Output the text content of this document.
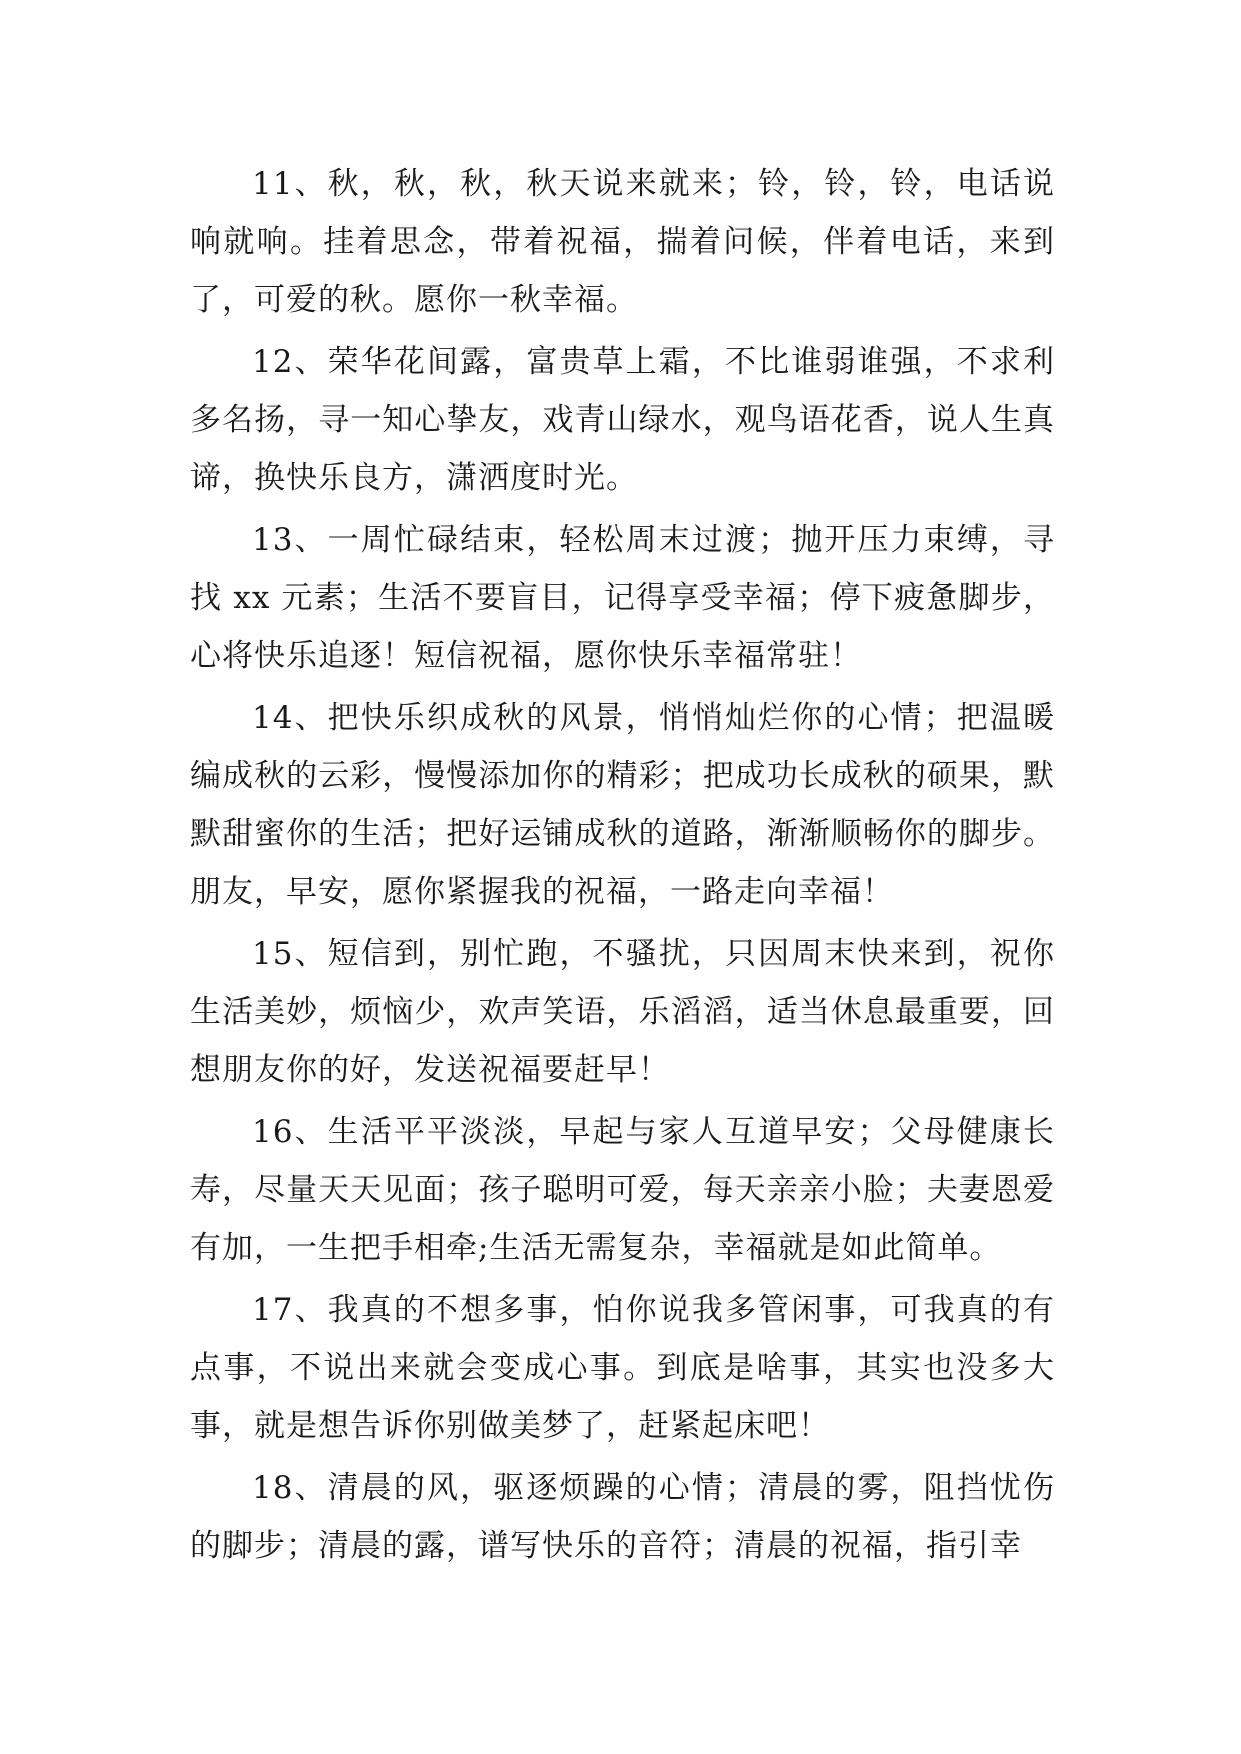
11、秋，秋，秋，秋天说来就来；铃，铃，铃，电话说响就响。挂着思念，带着祝福，揣着问候，伴着电话，来到了，可爱的秋。愿你一秋幸福。

12、荣华花间露，富贵草上霜，不比谁弱谁强，不求利多名扬，寻一知心挚友，戏青山绿水，观鸟语花香，说人生真谛，换快乐良方，潇洒度时光。

13、一周忙碌结束，轻松周末过渡；抛开压力束缚，寻找 xx 元素；生活不要盲目，记得享受幸福；停下疲惫脚步，心将快乐追逐！短信祝福，愿你快乐幸福常驻！

14、把快乐织成秋的风景，悄悄灿烂你的心情；把温暖编成秋的云彩，慢慢添加你的精彩；把成功长成秋的硕果，默默甜蜜你的生活；把好运铺成秋的道路，渐渐顺畅你的脚步。朋友，早安，愿你紧握我的祝福，一路走向幸福！

15、短信到，别忙跑，不骚扰，只因周末快来到，祝你生活美妙，烦恼少，欢声笑语，乐滔滔，适当休息最重要，回想朋友你的好，发送祝福要赶早！

16、生活平平淡淡，早起与家人互道早安；父母健康长寿，尽量天天见面；孩子聪明可爱，每天亲亲小脸；夫妻恩爱有加，一生把手相牵;生活无需复杂，幸福就是如此简单。

17、我真的不想多事，怕你说我多管闲事，可我真的有点事，不说出来就会变成心事。到底是啥事，其实也没多大事，就是想告诉你别做美梦了，赶紧起床吧！

18、清晨的风，驱逐烦躁的心情；清晨的雾，阻挡忧伤的脚步；清晨的露，谱写快乐的音符；清晨的祝福，指引幸
